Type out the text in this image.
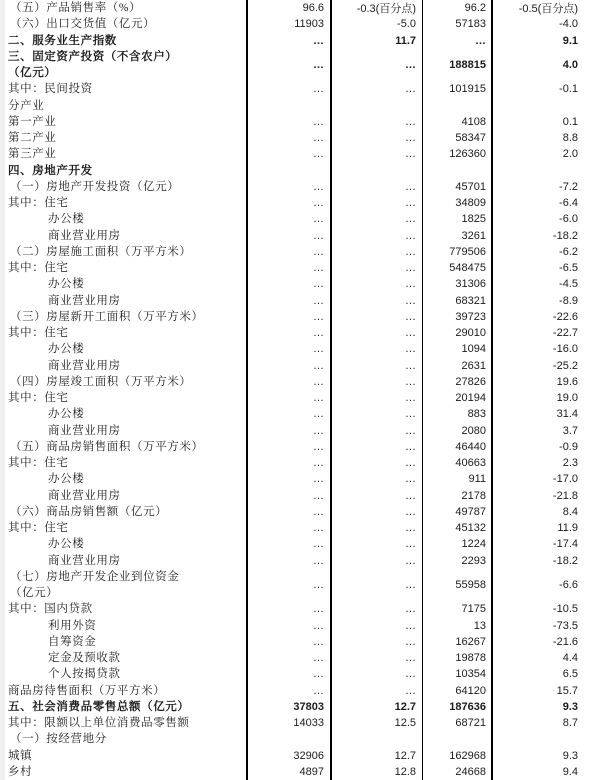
（五）产品销售率（%）	96.6	-0.3(百分点)	96.2	-0.5(百分点)
（六）出口交货值（亿元）	11903	-5.0	57183	-4.0
二、服务业生产指数	…	11.7	…	9.1
三、固定资产投资（不含农户）
（亿元）
…	…	188815	4.0
其中：民间投资	…	…	101915	-0.1
分产业
第一产业	…	…	4108	0.1
第二产业	…	…	58347	8.8
第三产业	…	…	126360	2.0
四、房地产开发
（一）房地产开发投资（亿元）	…	…	45701	-7.2
其中：住宅	…	…	34809	-6.4
办公楼	…	…	1825	-6.0
商业营业用房	…	…	3261	-18.2
（二）房屋施工面积（万平方米）	…	…	779506	-6.2
其中：住宅	…	…	548475	-6.5
办公楼	…	…	31306	-4.5
商业营业用房	…	…	68321	-8.9
（三）房屋新开工面积（万平方米）	…	…	39723	-22.6
其中：住宅	…	…	29010	-22.7
办公楼	…	…	1094	-16.0
商业营业用房	…	…	2631	-25.2
（四）房屋竣工面积（万平方米）	…	…	27826	19.6
其中：住宅	…	…	20194	19.0
办公楼	…	…	883	31.4
商业营业用房	…	…	2080	3.7
（五）商品房销售面积（万平方米）	…	…	46440	-0.9
其中：住宅	…	…	40663	2.3
办公楼	…	…	911	-17.0
商业营业用房	…	…	2178	-21.8
（六）商品房销售额（亿元）	…	…	49787	8.4
其中：住宅	…	…	45132	11.9
办公楼	…	…	1224	-17.4
商业营业用房	…	…	2293	-18.2
（七）房地产开发企业到位资金
（亿元）
…	…	55958	-6.6
其中：国内贷款	…	…	7175	-10.5
利用外资	…	…	13	-73.5
自筹资金	…	…	16267	-21.6
定金及预收款	…	…	19878	4.4
个人按揭贷款	…	…	10354	6.5
商品房待售面积（万平方米）	…	…	64120	15.7
五、社会消费品零售总额（亿元）	37803	12.7	187636	9.3
其中：限额以上单位消费品零售额	14033	12.5	68721	8.7
（一）按经营地分
城镇	32906	12.7	162968	9.3
乡村	4897	12.8	24668	9.4
